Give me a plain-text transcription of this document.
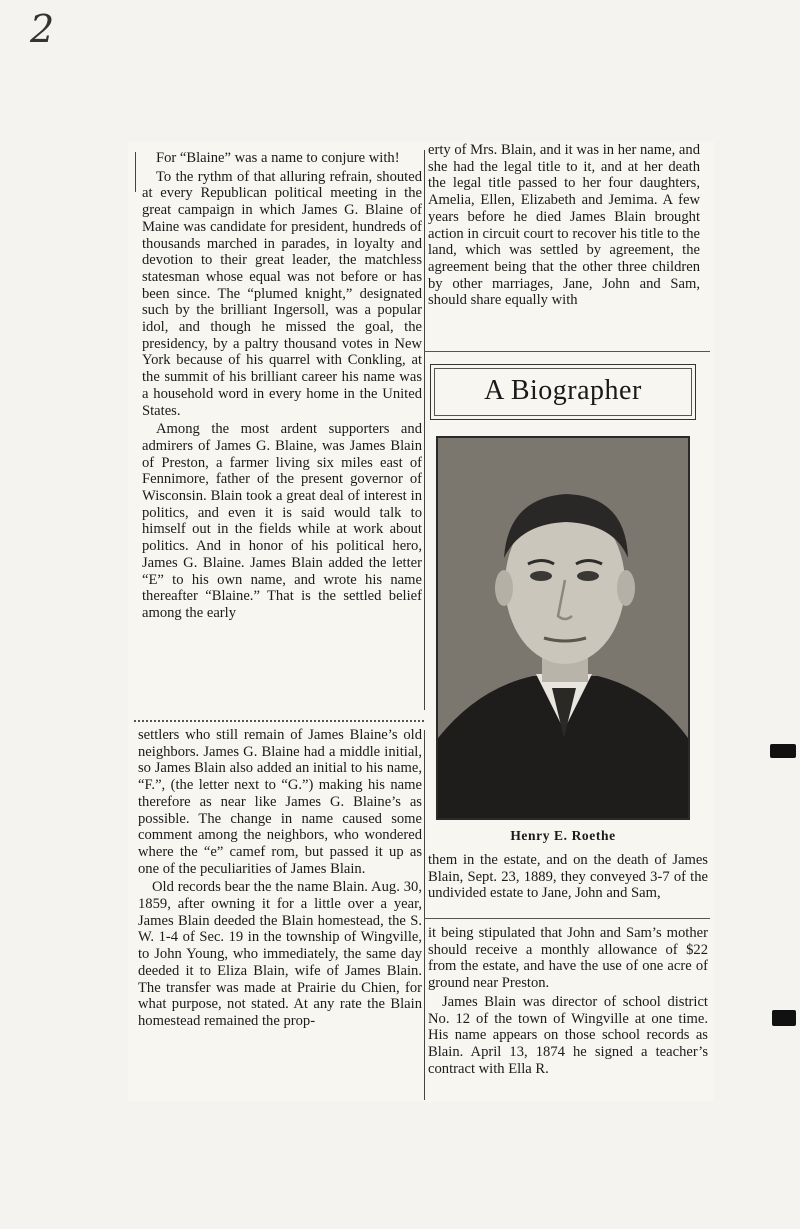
2

For “Blaine” was a name to conjure with!

To the rythm of that alluring refrain, shouted at every Republican political meeting in the great campaign in which James G. Blaine of Maine was candidate for president, hundreds of thousands marched in parades, in loyalty and devotion to their great leader, the matchless statesman whose equal was not before or has been since. The “plumed knight,” designated such by the brilliant Ingersoll, was a popular idol, and though he missed the goal, the presidency, by a paltry thousand votes in New York because of his quarrel with Conkling, at the summit of his brilliant career his name was a household word in every home in the United States.

Among the most ardent supporters and admirers of James G. Blaine, was James Blain of Preston, a farmer living six miles east of Fennimore, father of the present governor of Wisconsin. Blain took a great deal of interest in politics, and even it is said would talk to himself out in the fields while at work about politics. And in honor of his political hero, James G. Blaine. James Blain added the letter “E” to his own name, and wrote his name thereafter “Blaine.” That is the settled belief among the early

settlers who still remain of James Blaine’s old neighbors. James G. Blaine had a middle initial, so James Blain also added an initial to his name, “F.”, (the letter next to “G.”) making his name therefore as near like James G. Blaine’s as possible. The change in name caused some comment among the neighbors, who wondered where the “e” camef rom, but passed it up as one of the peculiarities of James Blain.

Old records bear the the name Blain. Aug. 30, 1859, after owning it for a little over a year, James Blain deeded the Blain homestead, the S. W. 1-4 of Sec. 19 in the township of Wingville, to John Young, who immediately, the same day deeded it to Eliza Blain, wife of James Blain. The transfer was made at Prairie du Chien, for what purpose, not stated. At any rate the Blain homestead remained the prop-

erty of Mrs. Blain, and it was in her name, and she had the legal title to it, and at her death the legal title passed to her four daughters, Amelia, Ellen, Elizabeth and Jemima. A few years before he died James Blain brought action in circuit court to recover his title to the land, which was settled by agreement, the agreement being that the other three children by other marriages, Jane, John and Sam, should share equally with

A Biographer
Henry E. Roethe

them in the estate, and on the death of James Blain, Sept. 23, 1889, they conveyed 3-7 of the undivided estate to Jane, John and Sam,

it being stipulated that John and Sam’s mother should receive a monthly allowance of $22 from the estate, and have the use of one acre of ground near Preston.

James Blain was director of school district No. 12 of the town of Wingville at one time. His name appears on those school records as Blain. April 13, 1874 he signed a teacher’s contract with Ella R.
